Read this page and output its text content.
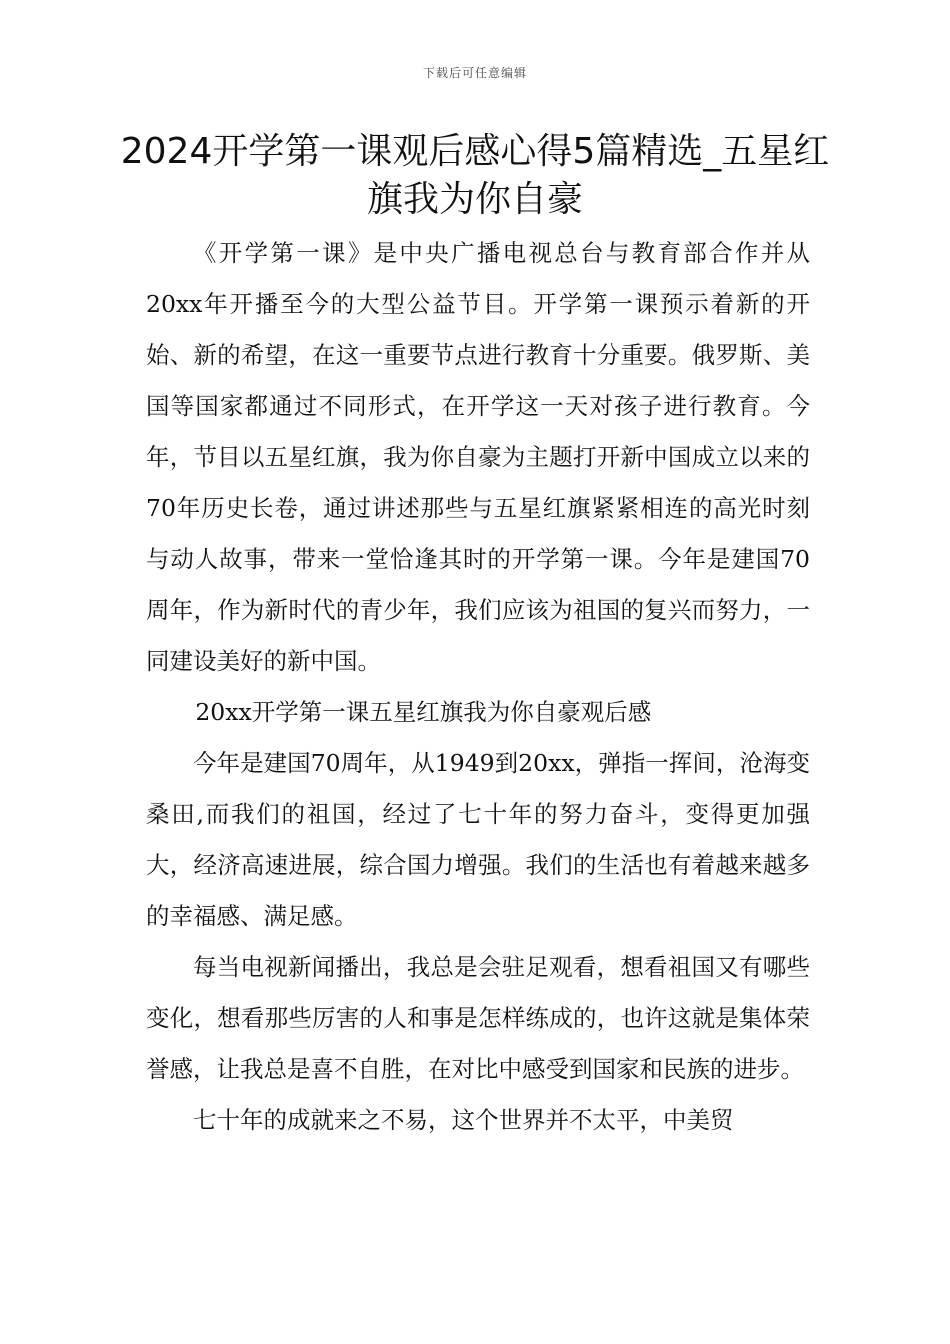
下载后可任意编辑
2024开学第一课观后感心得5篇精选_五星红旗我为你自豪

《开学第一课》是中央广播电视总台与教育部合作并从20xx年开播至今的大型公益节目。开学第一课预示着新的开始、新的希望，在这一重要节点进行教育十分重要。俄罗斯、美国等国家都通过不同形式，在开学这一天对孩子进行教育。今年，节目以五星红旗，我为你自豪为主题打开新中国成立以来的70年历史长卷，通过讲述那些与五星红旗紧紧相连的高光时刻与动人故事，带来一堂恰逢其时的开学第一课。今年是建国70周年，作为新时代的青少年，我们应该为祖国的复兴而努力，一同建设美好的新中国。

20xx开学第一课五星红旗我为你自豪观后感

今年是建国70周年，从1949到20xx，弹指一挥间，沧海变桑田,而我们的祖国，经过了七十年的努力奋斗，变得更加强大，经济高速进展，综合国力增强。我们的生活也有着越来越多的幸福感、满足感。

每当电视新闻播出，我总是会驻足观看，想看祖国又有哪些变化，想看那些厉害的人和事是怎样练成的，也许这就是集体荣誉感，让我总是喜不自胜，在对比中感受到国家和民族的进步。

七十年的成就来之不易，这个世界并不太平，中美贸
